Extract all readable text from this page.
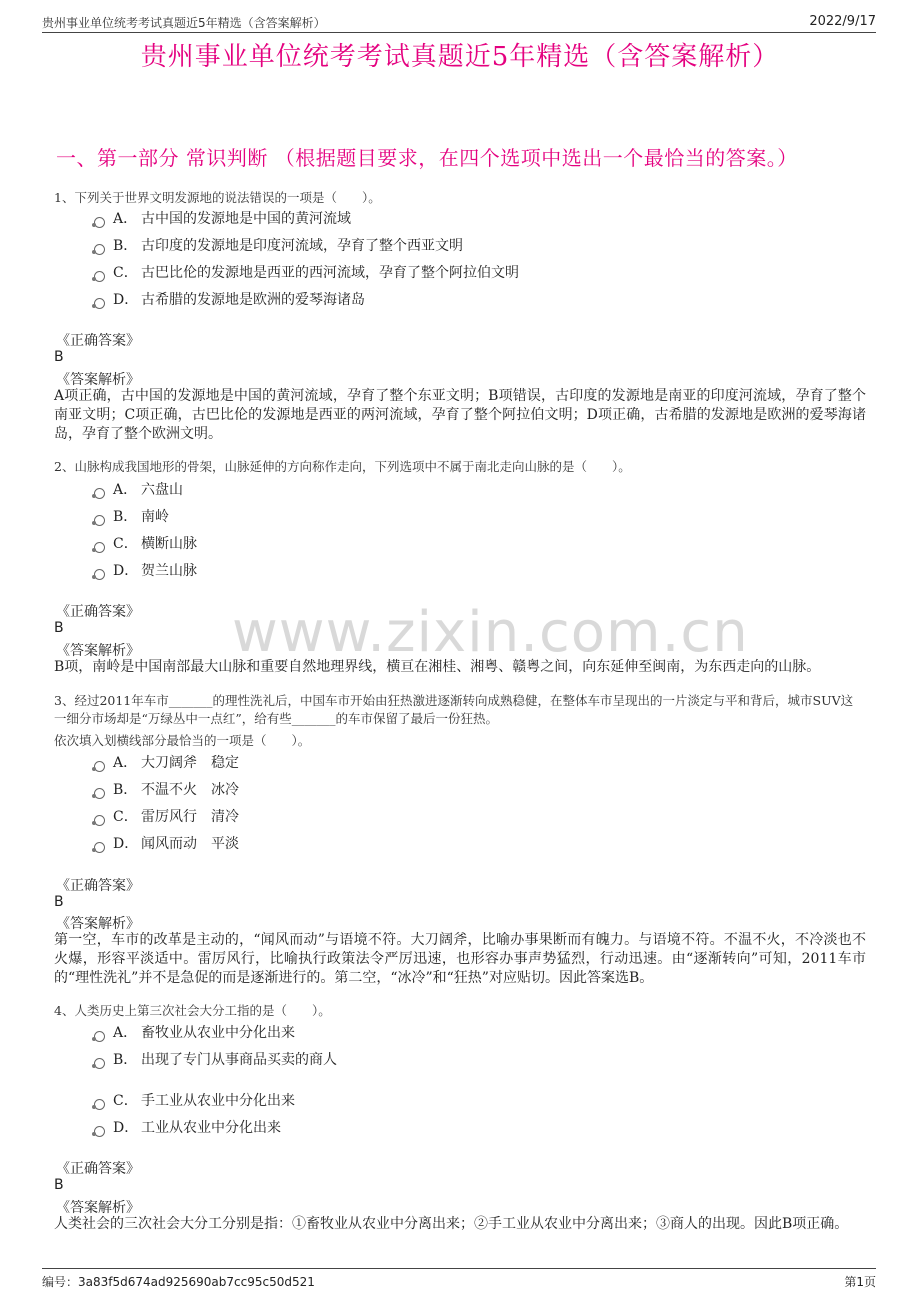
贵州事业单位统考考试真题近5年精选（含答案解析）	2022/9/17
贵州事业单位统考考试真题近5年精选（含答案解析）
一、第一部分 常识判断 （根据题目要求，在四个选项中选出一个最恰当的答案。）
www.zixin.com.cn
1、下列关于世界文明发源地的说法错误的一项是（　　）。
A． 古中国的发源地是中国的黄河流域
B． 古印度的发源地是印度河流域，孕育了整个西亚文明
C． 古巴比伦的发源地是西亚的西河流域，孕育了整个阿拉伯文明
D． 古希腊的发源地是欧洲的爱琴海诸岛
《正确答案》
B
《答案解析》
A项正确，古中国的发源地是中国的黄河流域，孕育了整个东亚文明；B项错误，古印度的发源地是南亚的印度河流域，孕育了整个南亚文明；C项正确，古巴比伦的发源地是西亚的两河流域，孕育了整个阿拉伯文明；D项正确，古希腊的发源地是欧洲的爱琴海诸岛，孕育了整个欧洲文明。
2、山脉构成我国地形的骨架，山脉延伸的方向称作走向，下列选项中不属于南北走向山脉的是（　　）。
A． 六盘山
B． 南岭
C． 横断山脉
D． 贺兰山脉
《正确答案》
B
《答案解析》
B项，南岭是中国南部最大山脉和重要自然地理界线，横亘在湘桂、湘粤、赣粤之间，向东延伸至闽南，为东西走向的山脉。
3、经过2011年车市_______的理性洗礼后，中国车市开始由狂热激进逐渐转向成熟稳健，在整体车市呈现出的一片淡定与平和背后，城市SUV这一细分市场却是“万绿丛中一点红”，给有些_______的车市保留了最后一份狂热。
依次填入划横线部分最恰当的一项是（　　）。
A． 大刀阔斧　稳定
B． 不温不火　冰冷
C． 雷厉风行　清冷
D． 闻风而动　平淡
《正确答案》
B
《答案解析》
第一空，车市的改革是主动的，“闻风而动”与语境不符。大刀阔斧，比喻办事果断而有魄力。与语境不符。不温不火，不冷淡也不火爆，形容平淡适中。雷厉风行，比喻执行政策法令严厉迅速，也形容办事声势猛烈，行动迅速。由“逐渐转向”可知，2011车市的“理性洗礼”并不是急促的而是逐渐进行的。第二空，“冰冷”和“狂热”对应贴切。因此答案选B。
4、人类历史上第三次社会大分工指的是（　　）。
A． 畜牧业从农业中分化出来
B． 出现了专门从事商品买卖的商人
C． 手工业从农业中分化出来
D． 工业从农业中分化出来
《正确答案》
B
《答案解析》
人类社会的三次社会大分工分别是指：①畜牧业从农业中分离出来；②手工业从农业中分离出来；③商人的出现。因此B项正确。
编号：3a83f5d674ad925690ab7cc95c50d521	第1页
